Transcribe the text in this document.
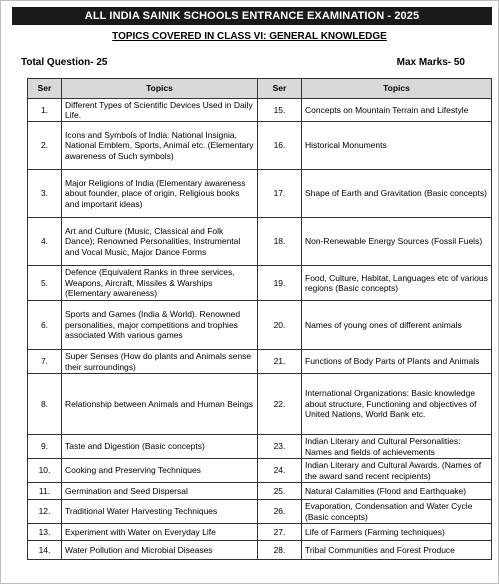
ALL INDIA SAINIK SCHOOLS ENTRANCE EXAMINATION - 2025
TOPICS COVERED IN CLASS VI: GENERAL KNOWLEDGE
Total Question- 25	Max Marks- 50
Ser	Topics	Ser	Topics
1.	Different Types of Scientific Devices Used in Daily Life.	15.	Concepts on Mountain Terrain and Lifestyle
2.	Icons and Symbols of India: National Insignia, National Emblem, Sports, Animal etc. (Elementary awareness of Such symbols)	16.	Historical Monuments
3.	Major Religions of India (Elementary awareness about founder, place of origin, Religious books and important ideas)	17.	Shape of Earth and Gravitation (Basic concepts)
4.	Art and Culture (Music, Classical and Folk Dance); Renowned Personalities, Instrumental and Vocal Music, Major Dance Forms	18.	Non-Renewable Energy Sources (Fossil Fuels)
5.	Defence (Equivalent Ranks in three services, Weapons, Aircraft, Missiles & Warships (Elementary awareness)	19.	Food, Culture, Habitat, Languages etc of various regions (Basic concepts)
6.	Sports and Games (India & World). Renowned personalities, major competitions and trophies associated With various games	20.	Names of young ones of different animals
7.	Super Senses (How do plants and Animals sense their surroundings)	21.	Functions of Body Parts of Plants and Animals
8.	Relationship between Animals and Human Beings	22.	International Organizations: Basic knowledge about structure, Functioning and objectives of United Nations, World Bank etc.
9.	Taste and Digestion (Basic concepts)	23.	Indian Literary and Cultural Personalities: Names and fields of achievements
10.	Cooking and Preserving Techniques	24.	Indian Literary and Cultural Awards. (Names of the award sand recent recipients)
11.	Germination and Seed Dispersal	25.	Natural Calamities (Flood and Earthquake)
12.	Traditional Water Harvesting Techniques	26.	Evaporation, Condensation and Water Cycle (Basic concepts)
13.	Experiment with Water on Everyday Life	27.	Life of Farmers (Farming techniques)
14.	Water Pollution and Microbial Diseases	28.	Tribal Communities and Forest Produce
